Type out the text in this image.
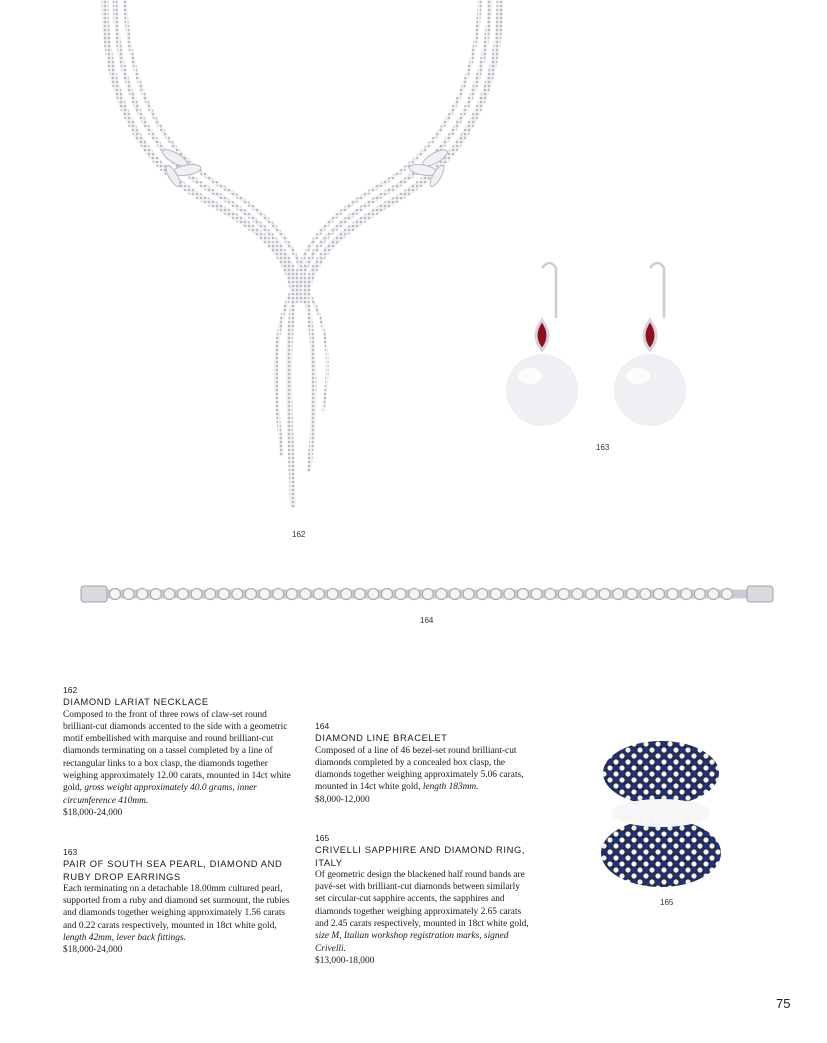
162
163
164
165

162

DIAMOND LARIAT NECKLACE

Composed to the front of three rows of claw-set round brilliant-cut diamonds accented to the side with a geometric motif embellished with marquise and round brilliant-cut diamonds terminating on a tassel completed by a line of rectangular links to a box clasp, the diamonds together weighing approximately 12.00 carats, mounted in 14ct white gold, gross weight approximately 40.0 grams, inner circumference 410mm.

$18,000-24,000

163

PAIR OF SOUTH SEA PEARL, DIAMOND AND RUBY DROP EARRINGS

Each terminating on a detachable 18.00mm cultured pearl, supported from a ruby and diamond set surmount, the rubies and diamonds together weighing approximately 1.56 carats and 0.22 carats respectively, mounted in 18ct white gold, length 42mm, lever back fittings.

$18,000-24,000

164

DIAMOND LINE BRACELET

Composed of a line of 46 bezel-set round brilliant-cut diamonds completed by a concealed box clasp, the diamonds together weighing approximately 5.06 carats, mounted in 14ct white gold, length 183mm.

$8,000-12,000

165

CRIVELLI SAPPHIRE AND DIAMOND RING, ITALY

Of geometric design the blackened half round bands are pavé-set with brilliant-cut diamonds between similarly set circular-cut sapphire accents, the sapphires and diamonds together weighing approximately 2.65 carats and 2.45 carats respectively, mounted in 18ct white gold, size M, Italian workshop registration marks, signed Crivelli.

$13,000-18,000

75
